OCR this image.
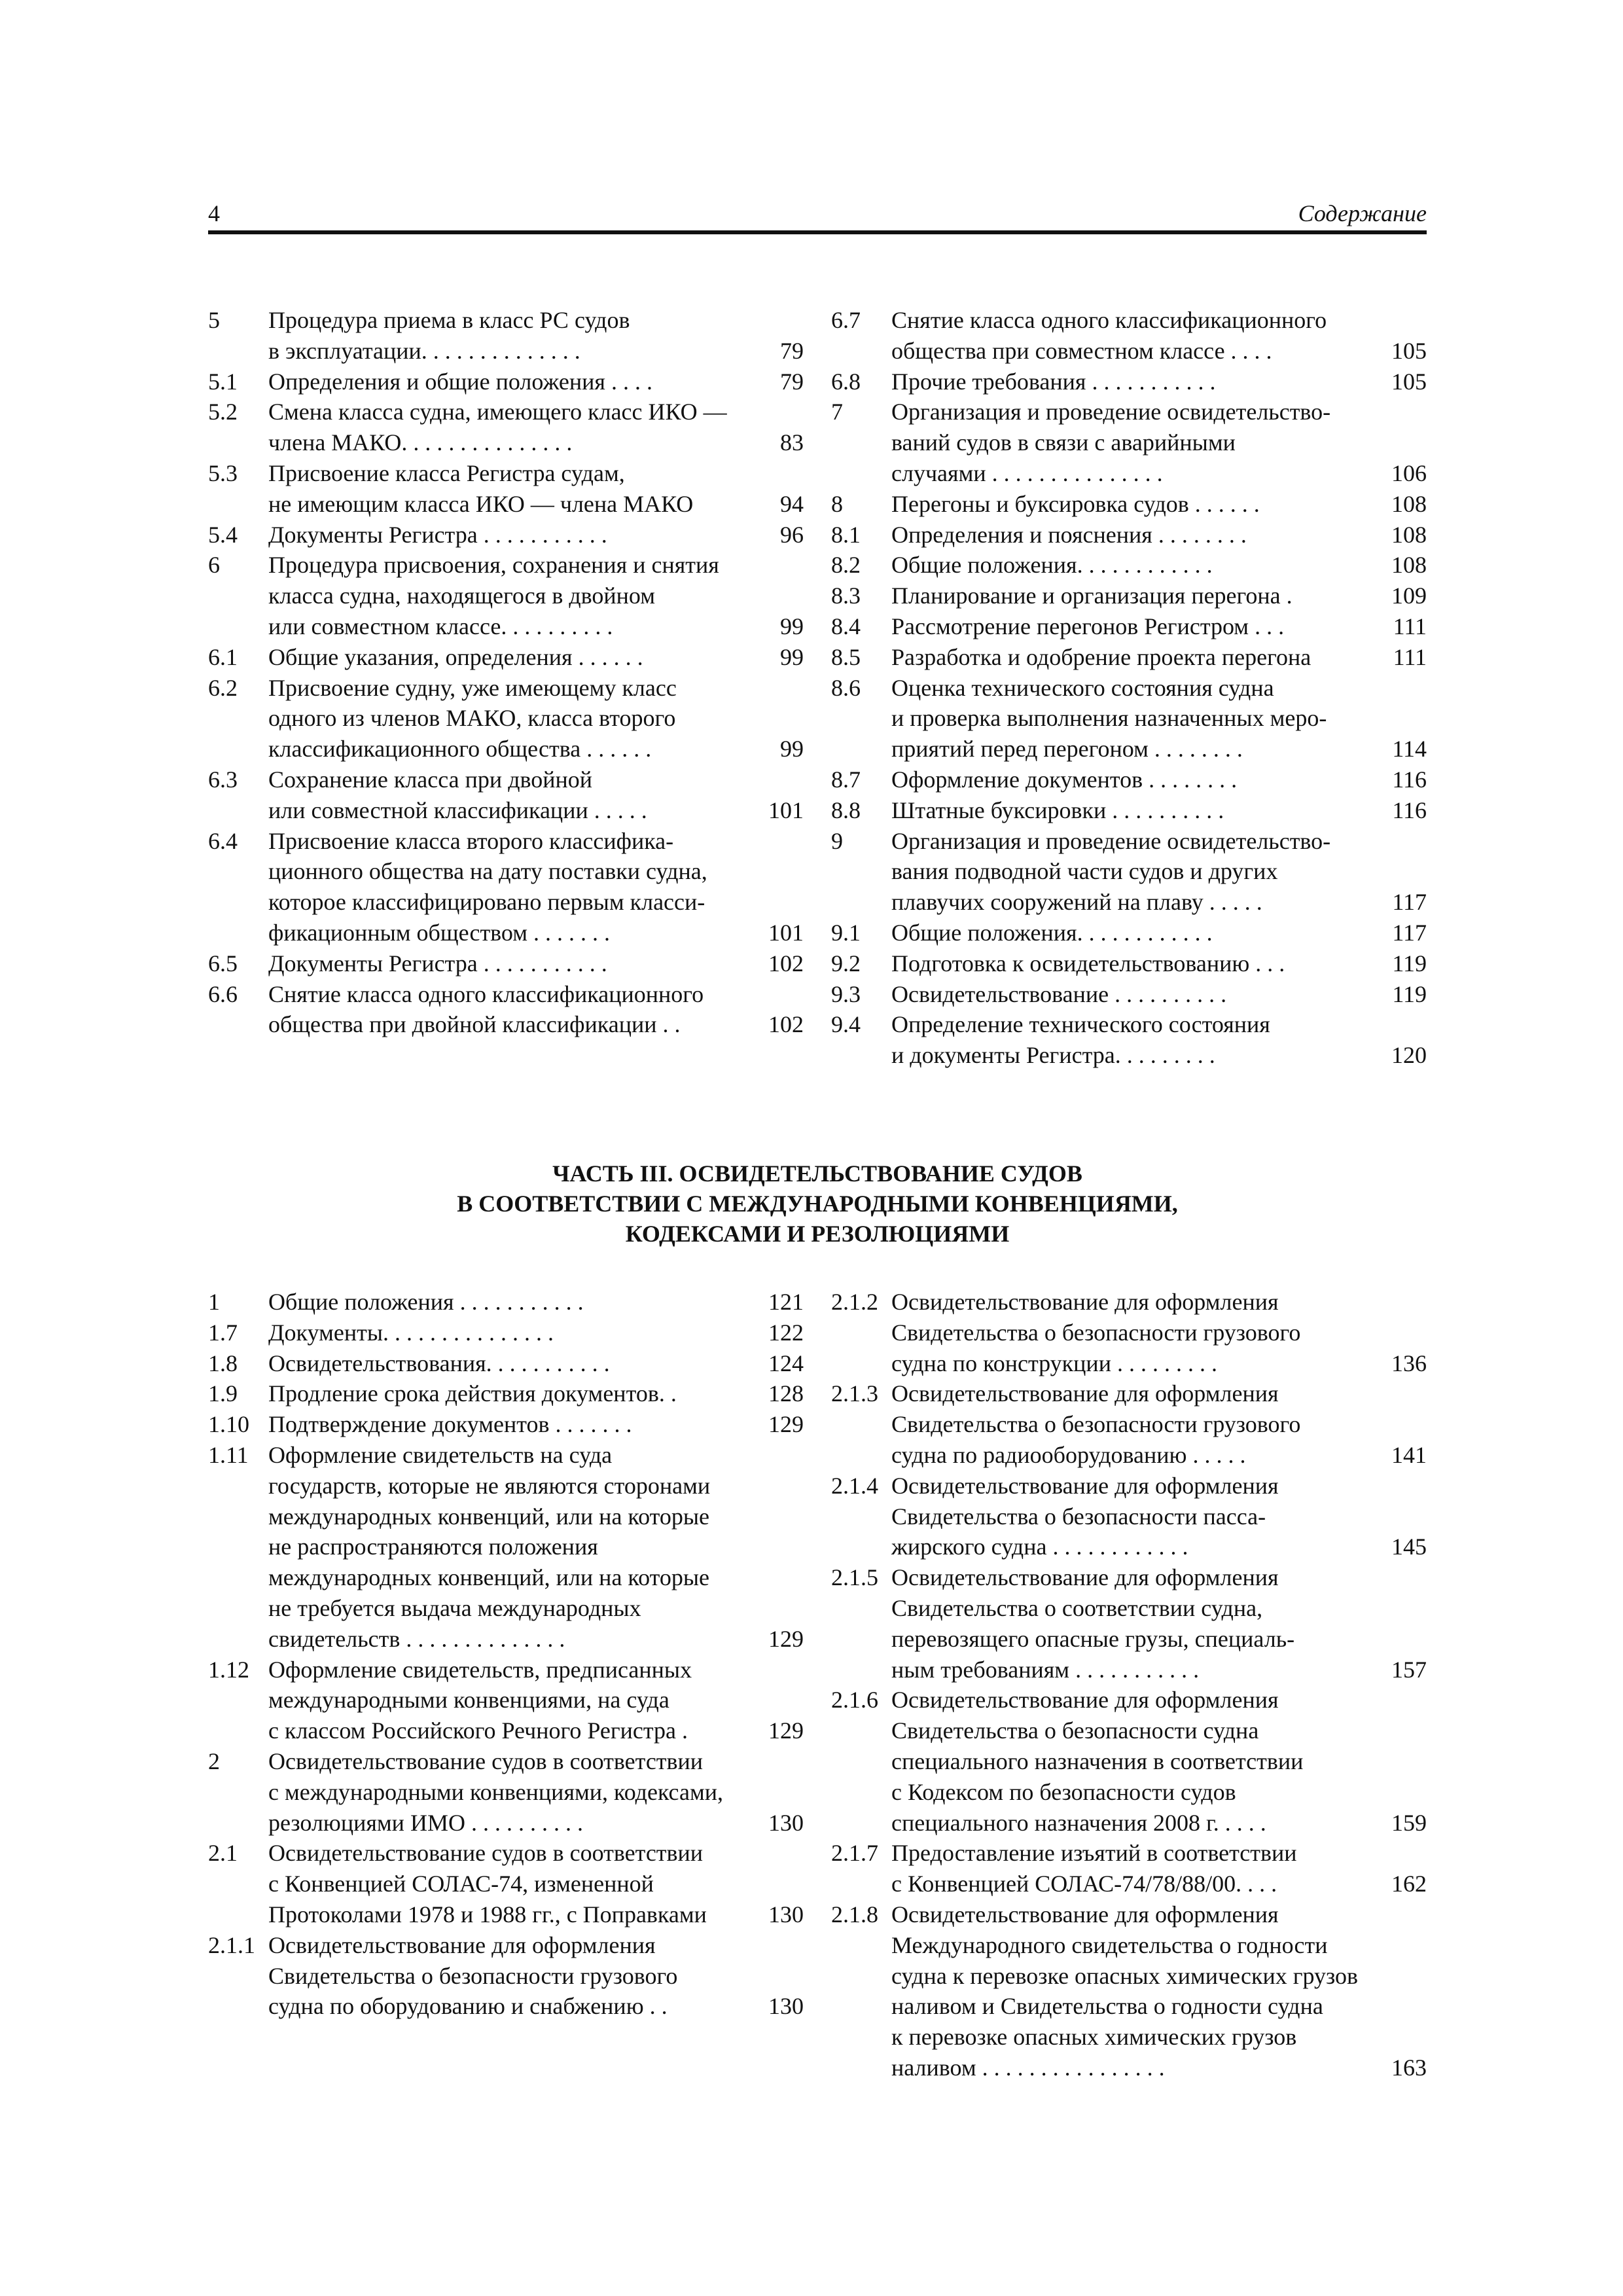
4	Содержание
5 Процедура приема в класс РС судов
в эксплуатации. . . . . . . . . . . . . .	79
5.1 Определения и общие положения . . . .	79
5.2 Смена класса судна, имеющего класс ИКО —
члена МАКО. . . . . . . . . . . . . . .	83
5.3 Присвоение класса Регистра судам,
не имеющим класса ИКО — члена МАКО	94
5.4 Документы Регистра . . . . . . . . . . .	96
6 Процедура присвоения, сохранения и снятия
класса судна, находящегося в двойном
или совместном классе. . . . . . . . . .	99
6.1 Общие указания, определения . . . . . .	99
6.2 Присвоение судну, уже имеющему класс
одного из членов МАКО, класса второго
классификационного общества . . . . . .	99
6.3 Сохранение класса при двойной
или совместной классификации . . . . .	101
6.4 Присвоение класса второго классифика-
ционного общества на дату поставки судна,
которое классифицировано первым класси-
фикационным обществом . . . . . . .	101
6.5 Документы Регистра . . . . . . . . . . .	102
6.6 Снятие класса одного классификационного
общества при двойной классификации . .	102
6.7 Снятие класса одного классификационного
общества при совместном классе . . . .	105
6.8 Прочие требования . . . . . . . . . . .	105
7 Организация и проведение освидетельство-
ваний судов в связи с аварийными
случаями . . . . . . . . . . . . . . .	106
8 Перегоны и буксировка судов . . . . . .	108
8.1 Определения и пояснения . . . . . . . .	108
8.2 Общие положения. . . . . . . . . . . .	108
8.3 Планирование и организация перегона .	109
8.4 Рассмотрение перегонов Регистром . . .	111
8.5 Разработка и одобрение проекта перегона	111
8.6 Оценка технического состояния судна
и проверка выполнения назначенных меро-
приятий перед перегоном . . . . . . . .	114
8.7 Оформление документов . . . . . . . .	116
8.8 Штатные буксировки . . . . . . . . . .	116
9 Организация и проведение освидетельство-
вания подводной части судов и других
плавучих сооружений на плаву . . . . .	117
9.1 Общие положения. . . . . . . . . . . .	117
9.2 Подготовка к освидетельствованию . . .	119
9.3 Освидетельствование . . . . . . . . . .	119
9.4 Определение технического состояния
и документы Регистра. . . . . . . . .	120
ЧАСТЬ III. ОСВИДЕТЕЛЬСТВОВАНИЕ СУДОВ
В СООТВЕТСТВИИ С МЕЖДУНАРОДНЫМИ КОНВЕНЦИЯМИ,
КОДЕКСАМИ И РЕЗОЛЮЦИЯМИ
1 Общие положения . . . . . . . . . . .	121
1.7 Документы. . . . . . . . . . . . . . .	122
1.8 Освидетельствования. . . . . . . . . . .	124
1.9 Продление срока действия документов. .	128
1.10 Подтверждение документов . . . . . . .	129
1.11 Оформление свидетельств на суда
государств, которые не являются сторонами
международных конвенций, или на которые
не распространяются положения
международных конвенций, или на которые
не требуется выдача международных
свидетельств . . . . . . . . . . . . . .	129
1.12 Оформление свидетельств, предписанных
международными конвенциями, на суда
с классом Российского Речного Регистра .	129
2 Освидетельствование судов в соответствии
с международными конвенциями, кодексами,
резолюциями ИМО . . . . . . . . . .	130
2.1 Освидетельствование судов в соответствии
с Конвенцией СОЛАС-74, измененной
Протоколами 1978 и 1988 гг., с Поправками	130
2.1.1 Освидетельствование для оформления
Свидетельства о безопасности грузового
судна по оборудованию и снабжению . .	130
2.1.2 Освидетельствование для оформления
Свидетельства о безопасности грузового
судна по конструкции . . . . . . . . .	136
2.1.3 Освидетельствование для оформления
Свидетельства о безопасности грузового
судна по радиооборудованию . . . . .	141
2.1.4 Освидетельствование для оформления
Свидетельства о безопасности пасса-
жирского судна . . . . . . . . . . . .	145
2.1.5 Освидетельствование для оформления
Свидетельства о соответствии судна,
перевозящего опасные грузы, специаль-
ным требованиям . . . . . . . . . . .	157
2.1.6 Освидетельствование для оформления
Свидетельства о безопасности судна
специального назначения в соответствии
с Кодексом по безопасности судов
специального назначения 2008 г. . . . .	159
2.1.7 Предоставление изъятий в соответствии
с Конвенцией СОЛАС-74/78/88/00. . . .	162
2.1.8 Освидетельствование для оформления
Международного свидетельства о годности
судна к перевозке опасных химических грузов
наливом и Свидетельства о годности судна
к перевозке опасных химических грузов
наливом . . . . . . . . . . . . . . . .	163
